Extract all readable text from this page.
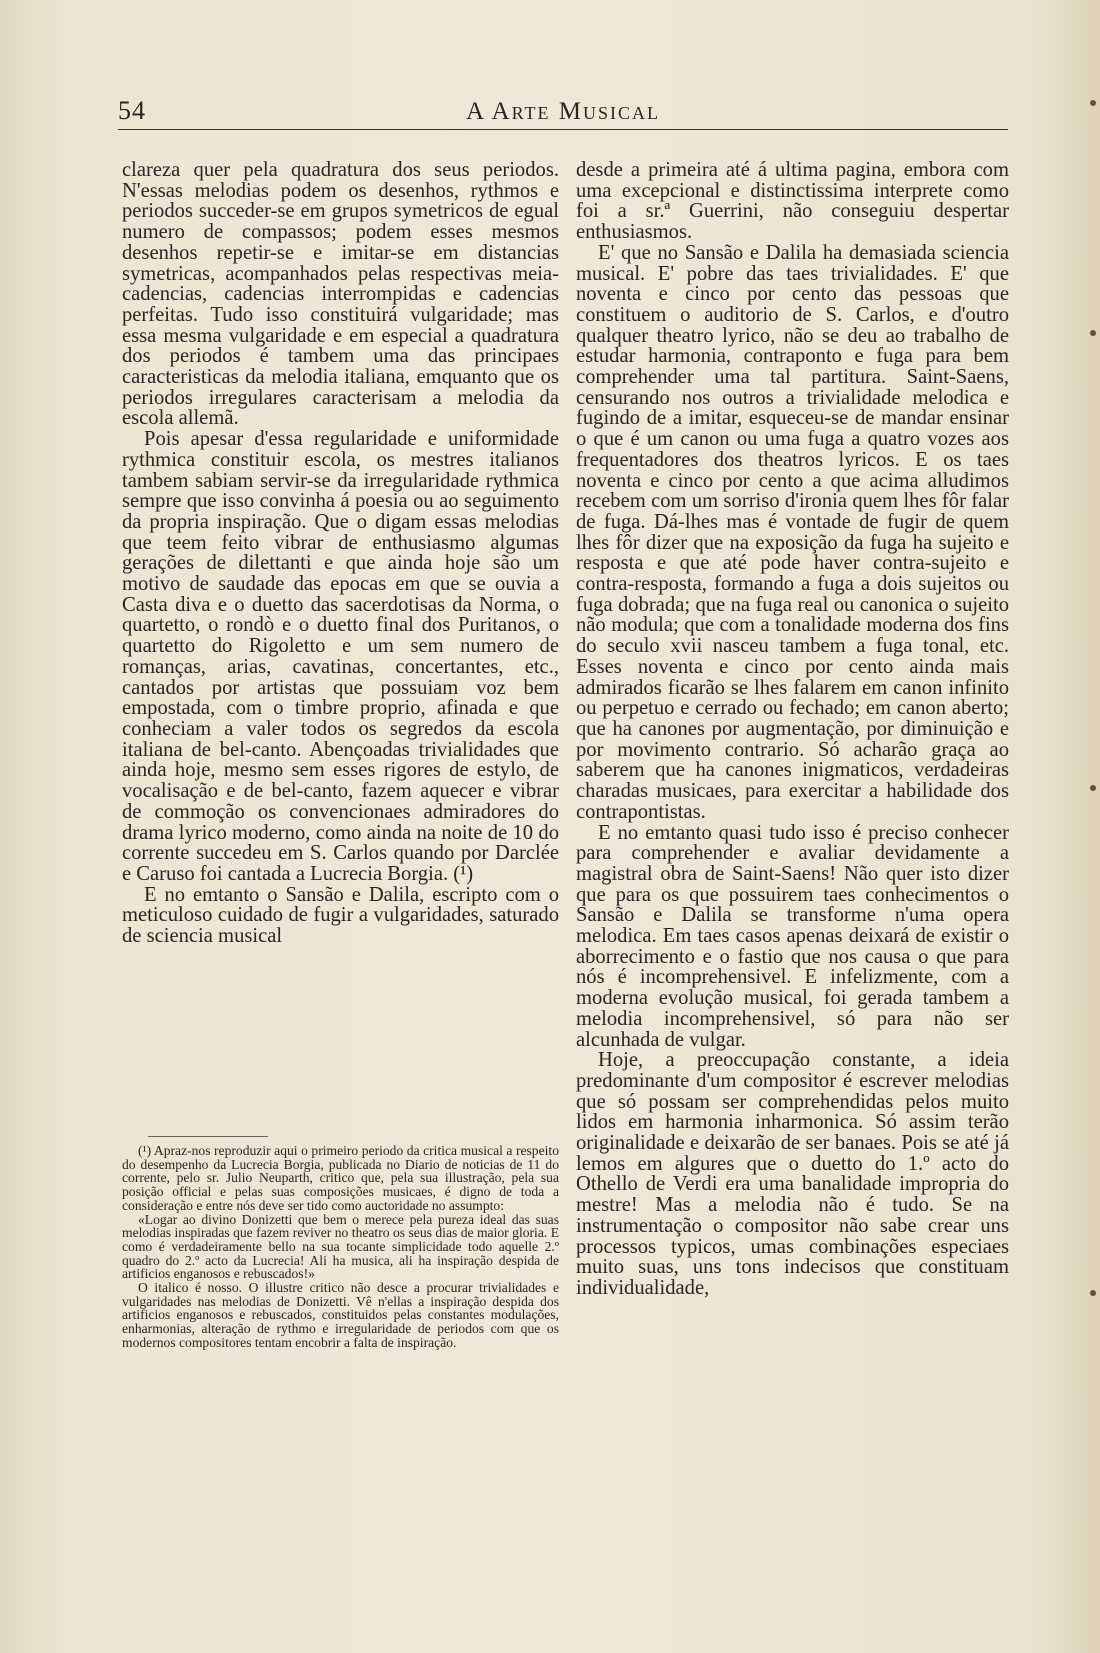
54	A Arte Musical

clareza quer pela quadratura dos seus periodos. N'essas melodias podem os desenhos, rythmos e periodos succeder-se em grupos symetricos de egual numero de compassos; podem esses mesmos desenhos repetir-se e imitar-se em distancias symetricas, acompanhados pelas respectivas meia-cadencias, cadencias interrompidas e cadencias perfeitas. Tudo isso constituirá vulgaridade; mas essa mesma vulgaridade e em especial a quadratura dos periodos é tambem uma das principaes caracteristicas da melodia italiana, emquanto que os periodos irregulares caracterisam a melodia da escola allemã.

Pois apesar d'essa regularidade e uniformidade rythmica constituir escola, os mestres italianos tambem sabiam servir-se da irregularidade rythmica sempre que isso convinha á poesia ou ao seguimento da propria inspiração. Que o digam essas melodias que teem feito vibrar de enthusiasmo algumas gerações de dilettanti e que ainda hoje são um motivo de saudade das epocas em que se ouvia a Casta diva e o duetto das sacerdotisas da Norma, o quartetto, o rondò e o duetto final dos Puritanos, o quartetto do Rigoletto e um sem numero de romanças, arias, cavatinas, concertantes, etc., cantados por artistas que possuiam voz bem empostada, com o timbre proprio, afinada e que conheciam a valer todos os segredos da escola italiana de bel-canto. Abençoadas trivialidades que ainda hoje, mesmo sem esses rigores de estylo, de vocalisação e de bel-canto, fazem aquecer e vibrar de commoção os convencionaes admiradores do drama lyrico moderno, como ainda na noite de 10 do corrente succedeu em S. Carlos quando por Darclée e Caruso foi cantada a Lucrecia Borgia. (¹)

E no emtanto o Sansão e Dalila, escripto com o meticuloso cuidado de fugir a vulgaridades, saturado de sciencia musical

(¹) Apraz-nos reproduzir aqui o primeiro periodo da critica musical a respeito do desempenho da Lucrecia Borgia, publicada no Diario de noticias de 11 do corrente, pelo sr. Julio Neuparth, critico que, pela sua illustração, pela sua posição official e pelas suas composições musicaes, é digno de toda a consideração e entre nós deve ser tido como auctoridade no assumpto:

«Logar ao divino Donizetti que bem o merece pela pureza ideal das suas melodias inspiradas que fazem reviver no theatro os seus dias de maior gloria. E como é verdadeiramente bello na sua tocante simplicidade todo aquelle 2.º quadro do 2.º acto da Lucrecia! Ali ha musica, ali ha inspiração despida de artificios enganosos e rebuscados!»

O italico é nosso. O illustre critico não desce a procurar trivialidades e vulgaridades nas melodias de Donizetti. Vê n'ellas a inspiração despida dos artificios enganosos e rebuscados, constituidos pelas constantes modulações, enharmonias, alteração de rythmo e irregularidade de periodos com que os modernos compositores tentam encobrir a falta de inspiração.

desde a primeira até á ultima pagina, embora com uma excepcional e distinctissima interprete como foi a sr.ª Guerrini, não conseguiu despertar enthusiasmos.

E' que no Sansão e Dalila ha demasiada sciencia musical. E' pobre das taes trivialidades. E' que noventa e cinco por cento das pessoas que constituem o auditorio de S. Carlos, e d'outro qualquer theatro lyrico, não se deu ao trabalho de estudar harmonia, contraponto e fuga para bem comprehender uma tal partitura. Saint-Saens, censurando nos outros a trivialidade melodica e fugindo de a imitar, esqueceu-se de mandar ensinar o que é um canon ou uma fuga a quatro vozes aos frequentadores dos theatros lyricos. E os taes noventa e cinco por cento a que acima alludimos recebem com um sorriso d'ironia quem lhes fôr falar de fuga. Dá-lhes mas é vontade de fugir de quem lhes fôr dizer que na exposição da fuga ha sujeito e resposta e que até pode haver contra-sujeito e contra-resposta, formando a fuga a dois sujeitos ou fuga dobrada; que na fuga real ou canonica o sujeito não modula; que com a tonalidade moderna dos fins do seculo xvii nasceu tambem a fuga tonal, etc. Esses noventa e cinco por cento ainda mais admirados ficarão se lhes falarem em canon infinito ou perpetuo e cerrado ou fechado; em canon aberto; que ha canones por augmentação, por diminuição e por movimento contrario. Só acharão graça ao saberem que ha canones inigmaticos, verdadeiras charadas musicaes, para exercitar a habilidade dos contrapontistas.

E no emtanto quasi tudo isso é preciso conhecer para comprehender e avaliar devidamente a magistral obra de Saint-Saens! Não quer isto dizer que para os que possuirem taes conhecimentos o Sansão e Dalila se transforme n'uma opera melodica. Em taes casos apenas deixará de existir o aborrecimento e o fastio que nos causa o que para nós é incomprehensivel. E infelizmente, com a moderna evolução musical, foi gerada tambem a melodia incomprehensivel, só para não ser alcunhada de vulgar.

Hoje, a preoccupação constante, a ideia predominante d'um compositor é escrever melodias que só possam ser comprehendidas pelos muito lidos em harmonia inharmonica. Só assim terão originalidade e deixarão de ser banaes. Pois se até já lemos em algures que o duetto do 1.º acto do Othello de Verdi era uma banalidade impropria do mestre! Mas a melodia não é tudo. Se na instrumentação o compositor não sabe crear uns processos typicos, umas combinações especiaes muito suas, uns tons indecisos que constituam individualidade,
